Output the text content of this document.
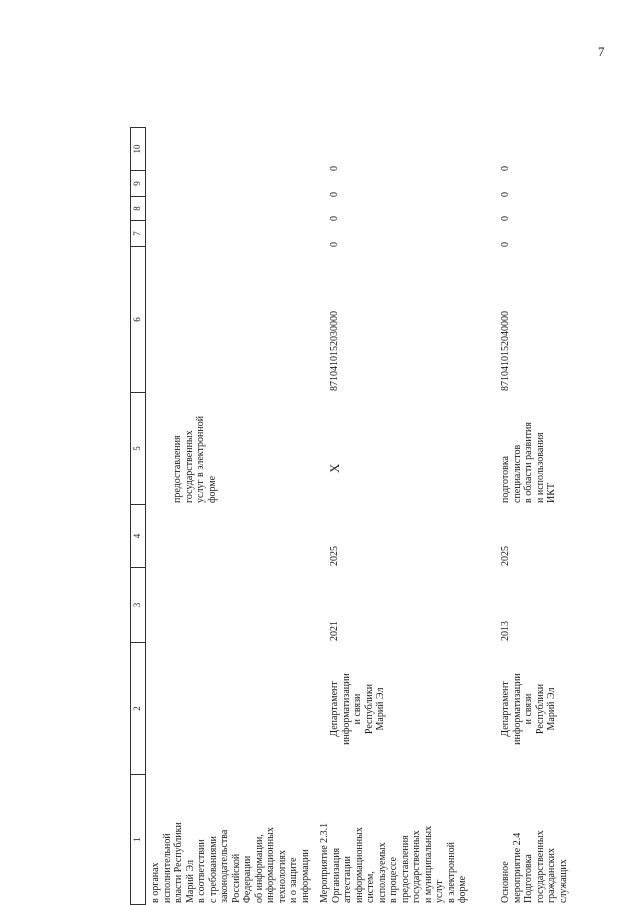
7
1
2
3
4
5
6
7
8
9
10
в органах
исполнительной
власти Республики
Марий Эл
в соответствии
с требованиями
законодательства
Российской
Федерации
об информации,
информационных
технологиях
и о защите
информации
предоставления
государственных
услуг в электронной
форме
Мероприятие 2.3.1
Организация
аттестации
информационных
систем,
используемых
в процессе
предоставления
государственных
и муниципальных
услуг
в электронной
форме
Департамент
информатизации
и связи
Республики
Марий Эл
2021
2025
X
8710410152030000
0
0
0
0
Основное
мероприятие 2.4
Подготовка
государственных
гражданских
служащих
Департамент
информатизации
и связи
Республики
Марий Эл
2013
2025
подготовка
специалистов
в области развития
и использования
ИКТ
8710410152040000
0
0
0
0
